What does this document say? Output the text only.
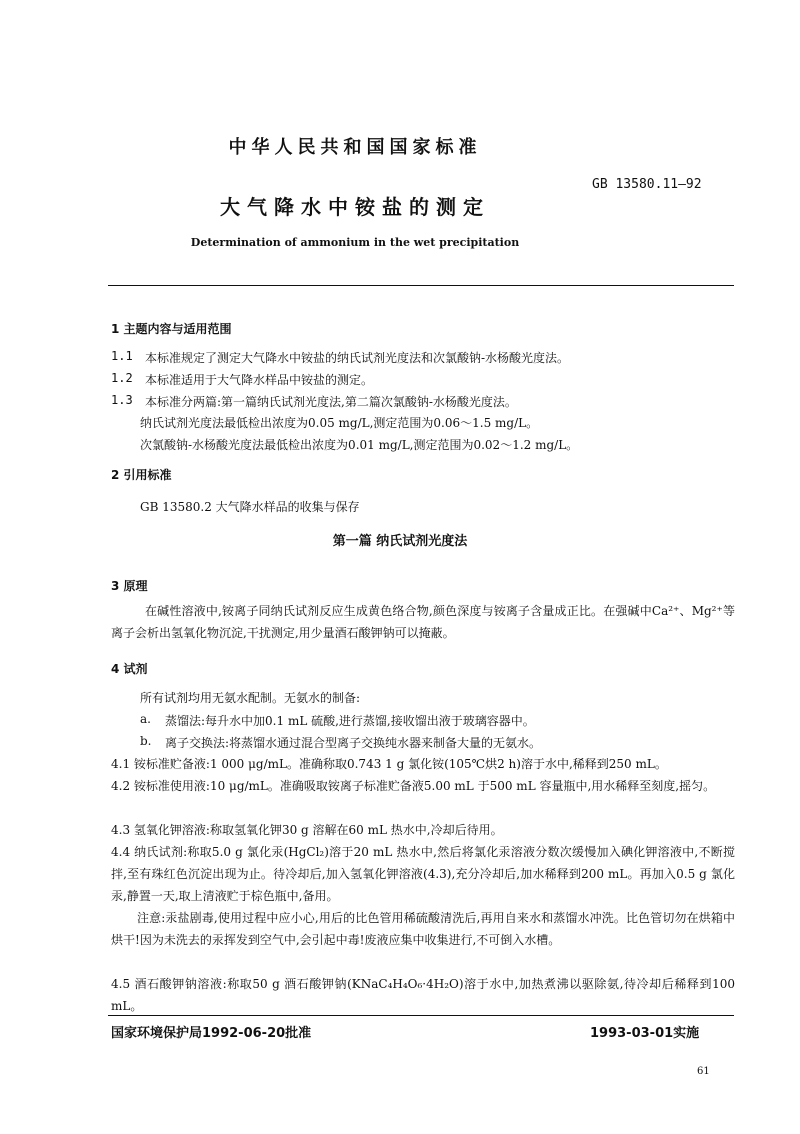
中华人民共和国国家标准
GB 13580.11—92
大气降水中铵盐的测定
Determination of ammonium in the wet precipitation
1 主题内容与适用范围
1.1 本标准规定了测定大气降水中铵盐的纳氏试剂光度法和次氯酸钠-水杨酸光度法。
1.2 本标准适用于大气降水样品中铵盐的测定。
1.3 本标准分两篇:第一篇纳氏试剂光度法,第二篇次氯酸钠-水杨酸光度法。
纳氏试剂光度法最低检出浓度为0.05 mg/L,测定范围为0.06～1.5 mg/L。
次氯酸钠-水杨酸光度法最低检出浓度为0.01 mg/L,测定范围为0.02～1.2 mg/L。
2 引用标准
GB 13580.2 大气降水样品的收集与保存
第一篇 纳氏试剂光度法
3 原理
在碱性溶液中,铵离子同纳氏试剂反应生成黄色络合物,颜色深度与铵离子含量成正比。在强碱中Ca²⁺、Mg²⁺等离子会析出氢氧化物沉淀,干扰测定,用少量酒石酸钾钠可以掩蔽。
4 试剂
所有试剂均用无氨水配制。无氨水的制备:
a. 蒸馏法:每升水中加0.1 mL 硫酸,进行蒸馏,接收馏出液于玻璃容器中。
b. 离子交换法:将蒸馏水通过混合型离子交换纯水器来制备大量的无氨水。
4.1 铵标准贮备液:1 000 μg/mL。准确称取0.743 1 g 氯化铵(105℃烘2 h)溶于水中,稀释到250 mL。
4.2 铵标准使用液:10 μg/mL。准确吸取铵离子标准贮备液5.00 mL 于500 mL 容量瓶中,用水稀释至刻度,摇匀。
4.3 氢氧化钾溶液:称取氢氧化钾30 g 溶解在60 mL 热水中,冷却后待用。
4.4 纳氏试剂:称取5.0 g 氯化汞(HgCl₂)溶于20 mL 热水中,然后将氯化汞溶液分数次缓慢加入碘化钾溶液中,不断搅拌,至有珠红色沉淀出现为止。待冷却后,加入氢氧化钾溶液(4.3),充分冷却后,加水稀释到200 mL。再加入0.5 g 氯化汞,静置一天,取上清液贮于棕色瓶中,备用。
注意:汞盐剧毒,使用过程中应小心,用后的比色管用稀硫酸清洗后,再用自来水和蒸馏水冲洗。比色管切勿在烘箱中烘干!因为未洗去的汞挥发到空气中,会引起中毒!废液应集中收集进行,不可倒入水槽。
4.5 酒石酸钾钠溶液:称取50 g 酒石酸钾钠(KNaC₄H₄O₆·4H₂O)溶于水中,加热煮沸以驱除氨,待冷却后稀释到100 mL。
国家环境保护局1992-06-20批准	1993-03-01实施
61
